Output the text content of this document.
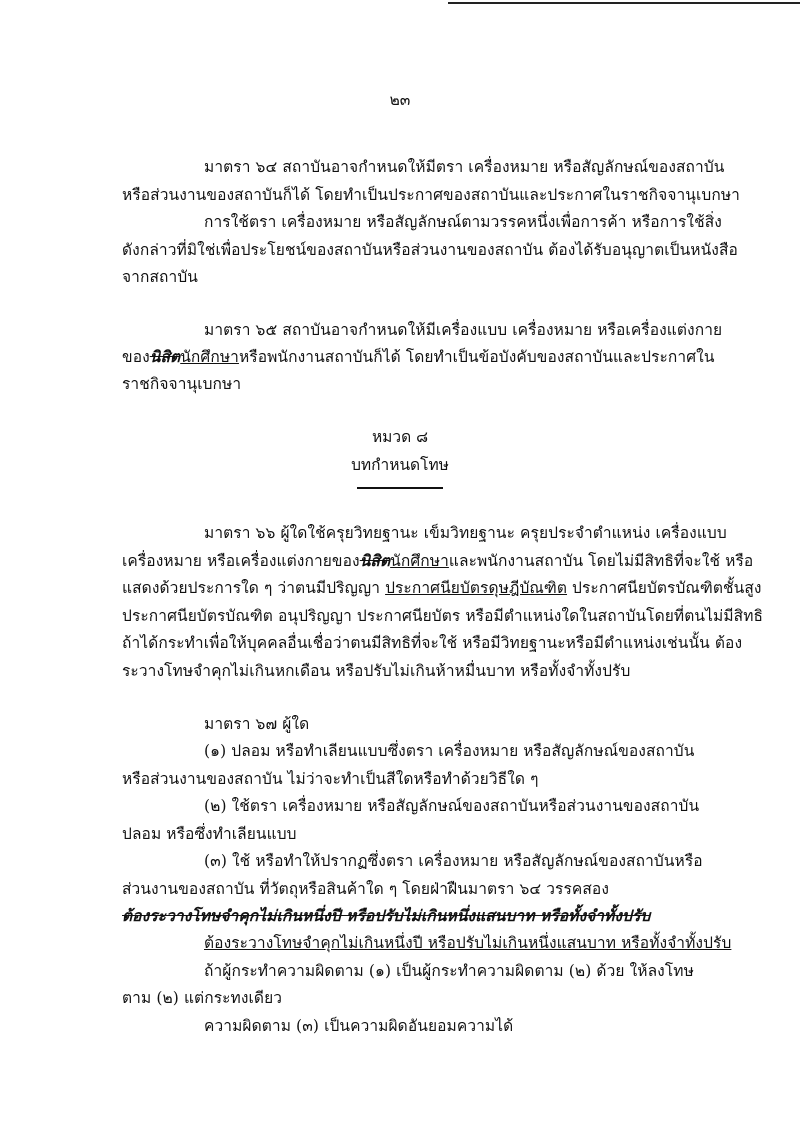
๒๓
มาตรา ๖๔ สถาบันอาจกำหนดให้มีตรา เครื่องหมาย หรือสัญลักษณ์ของสถาบัน
หรือส่วนงานของสถาบันก็ได้ โดยทำเป็นประกาศของสถาบันและประกาศในราชกิจจานุเบกษา
การใช้ตรา เครื่องหมาย หรือสัญลักษณ์ตามวรรคหนึ่งเพื่อการค้า หรือการใช้สิ่ง
ดังกล่าวที่มิใช่เพื่อประโยชน์ของสถาบันหรือส่วนงานของสถาบัน ต้องได้รับอนุญาตเป็นหนังสือ
จากสถาบัน
มาตรา ๖๕ สถาบันอาจกำหนดให้มีเครื่องแบบ เครื่องหมาย หรือเครื่องแต่งกาย
ของนิสิตนักศึกษาหรือพนักงานสถาบันก็ได้ โดยทำเป็นข้อบังคับของสถาบันและประกาศใน
ราชกิจจานุเบกษา
หมวด ๘
บทกำหนดโทษ
มาตรา ๖๖ ผู้ใดใช้ครุยวิทยฐานะ เข็มวิทยฐานะ ครุยประจำตำแหน่ง เครื่องแบบ
เครื่องหมาย หรือเครื่องแต่งกายของนิสิตนักศึกษาและพนักงานสถาบัน โดยไม่มีสิทธิที่จะใช้ หรือ
แสดงด้วยประการใด ๆ ว่าตนมีปริญญา ประกาศนียบัตรดุษฎีบัณฑิต ประกาศนียบัตรบัณฑิตชั้นสูง
ประกาศนียบัตรบัณฑิต อนุปริญญา ประกาศนียบัตร หรือมีตำแหน่งใดในสถาบันโดยที่ตนไม่มีสิทธิ
ถ้าได้กระทำเพื่อให้บุคคลอื่นเชื่อว่าตนมีสิทธิที่จะใช้ หรือมีวิทยฐานะหรือมีตำแหน่งเช่นนั้น ต้อง
ระวางโทษจำคุกไม่เกินหกเดือน หรือปรับไม่เกินห้าหมื่นบาท หรือทั้งจำทั้งปรับ
มาตรา ๖๗ ผู้ใด
(๑) ปลอม หรือทำเลียนแบบซึ่งตรา เครื่องหมาย หรือสัญลักษณ์ของสถาบัน
หรือส่วนงานของสถาบัน ไม่ว่าจะทำเป็นสีใดหรือทำด้วยวิธีใด ๆ
(๒) ใช้ตรา เครื่องหมาย หรือสัญลักษณ์ของสถาบันหรือส่วนงานของสถาบัน
ปลอม หรือซึ่งทำเลียนแบบ
(๓) ใช้ หรือทำให้ปรากฏซึ่งตรา เครื่องหมาย หรือสัญลักษณ์ของสถาบันหรือ
ส่วนงานของสถาบัน ที่วัตถุหรือสินค้าใด ๆ โดยฝ่าฝืนมาตรา ๖๔ วรรคสอง
ต้องระวางโทษจำคุกไม่เกินหนึ่งปี หรือปรับไม่เกินหนึ่งแสนบาท หรือทั้งจำทั้งปรับ
ต้องระวางโทษจำคุกไม่เกินหนึ่งปี หรือปรับไม่เกินหนึ่งแสนบาท หรือทั้งจำทั้งปรับ
ถ้าผู้กระทำความผิดตาม (๑) เป็นผู้กระทำความผิดตาม (๒) ด้วย ให้ลงโทษ
ตาม (๒) แต่กระทงเดียว
ความผิดตาม (๓) เป็นความผิดอันยอมความได้
